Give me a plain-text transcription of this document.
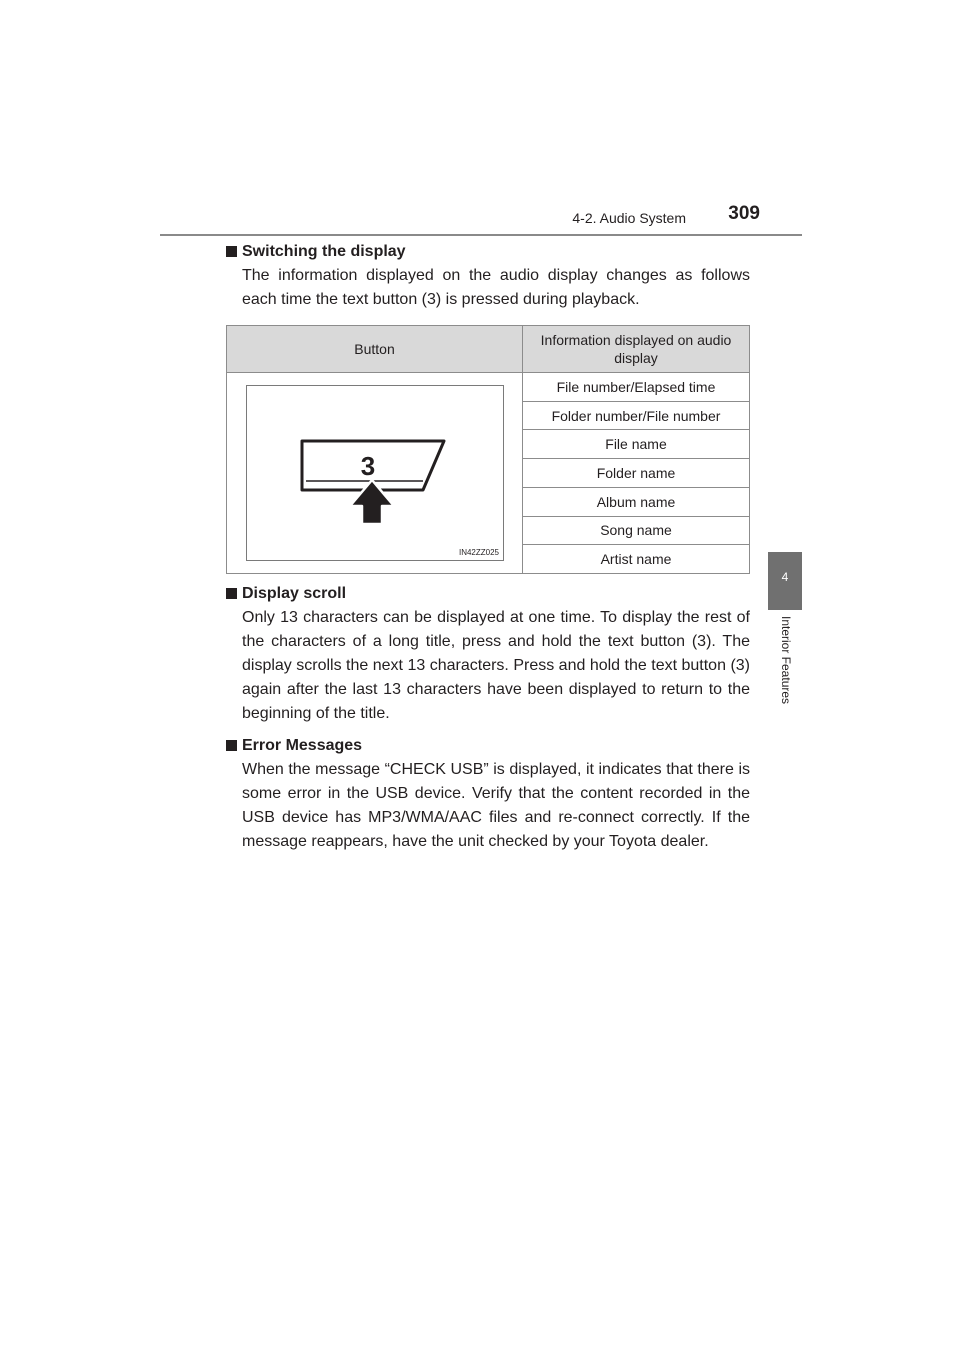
4-2. Audio System 309
4
Interior Features
Switching the display

The information displayed on the audio display changes as follows each time the text button (3) is pressed during playback.

Button	Information displayed on audio display

3
IN42ZZ025	File number/Elapsed time
	Folder number/File number
	File name
	Folder name
	Album name
	Song name
	Artist name
Display scroll

Only 13 characters can be displayed at one time. To display the rest of the characters of a long title, press and hold the text button (3). The display scrolls the next 13 characters. Press and hold the text button (3) again after the last 13 characters have been displayed to return to the beginning of the title.

Error Messages

When the message “CHECK USB” is displayed, it indicates that there is some error in the USB device. Verify that the content recorded in the USB device has MP3/WMA/AAC files and re-connect correctly. If the message reappears, have the unit checked by your Toyota dealer.
